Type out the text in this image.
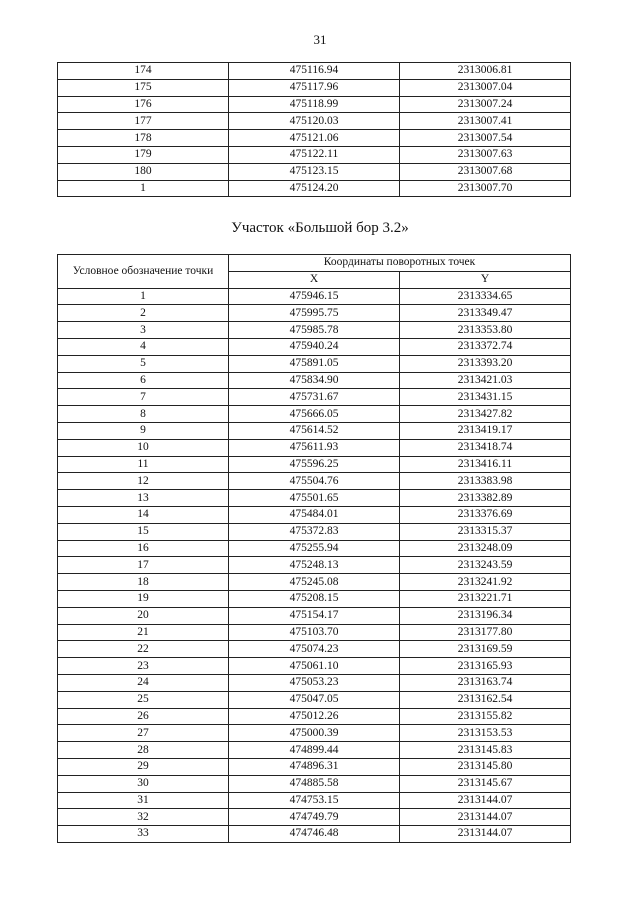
31
174	475116.94	2313006.81
175	475117.96	2313007.04
176	475118.99	2313007.24
177	475120.03	2313007.41
178	475121.06	2313007.54
179	475122.11	2313007.63
180	475123.15	2313007.68
1	475124.20	2313007.70
Участок «Большой бор 3.2»
Условное обозначение точки	Координаты поворотных точек	
	X	Y
1	475946.15	2313334.65
2	475995.75	2313349.47
3	475985.78	2313353.80
4	475940.24	2313372.74
5	475891.05	2313393.20
6	475834.90	2313421.03
7	475731.67	2313431.15
8	475666.05	2313427.82
9	475614.52	2313419.17
10	475611.93	2313418.74
11	475596.25	2313416.11
12	475504.76	2313383.98
13	475501.65	2313382.89
14	475484.01	2313376.69
15	475372.83	2313315.37
16	475255.94	2313248.09
17	475248.13	2313243.59
18	475245.08	2313241.92
19	475208.15	2313221.71
20	475154.17	2313196.34
21	475103.70	2313177.80
22	475074.23	2313169.59
23	475061.10	2313165.93
24	475053.23	2313163.74
25	475047.05	2313162.54
26	475012.26	2313155.82
27	475000.39	2313153.53
28	474899.44	2313145.83
29	474896.31	2313145.80
30	474885.58	2313145.67
31	474753.15	2313144.07
32	474749.79	2313144.07
33	474746.48	2313144.07
